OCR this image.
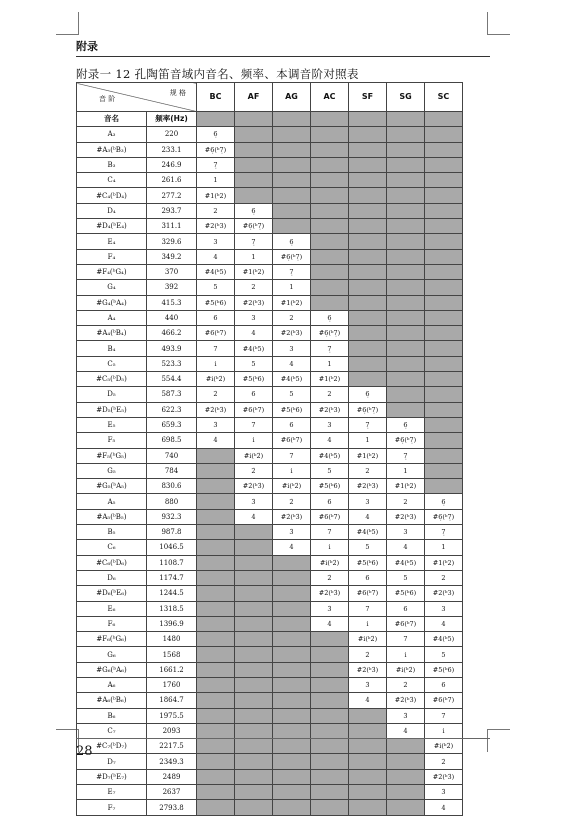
附录
附录一 12 孔陶笛音域内音名、频率、本调音阶对照表
规 格
音 阶		BC	AF	AG	AC	SF	SG	SC
音名	频率(Hz)							
A₃	220	6̣						
#A₃(ᵇB₃)	233.1	#6̣(ᵇ7̣)						
B₃	246.9	7̣						
C₄	261.6	1						
#C₄(ᵇD₄)	277.2	#1(ᵇ2)						
D₄	293.7	2	6̣					
#D₄(ᵇE₄)	311.1	#2(ᵇ3)	#6̣(ᵇ7̣)					
E₄	329.6	3	7̣	6̣				
F₄	349.2	4	1	#6̣(ᵇ7̣)				
#F₄(ᵇG₄)	370	#4(ᵇ5)	#1(ᵇ2)	7̣				
G₄	392	5	2	1				
#G₄(ᵇA₄)	415.3	#5(ᵇ6)	#2(ᵇ3)	#1(ᵇ2)				
A₄	440	6	3	2	6̣			
#A₄(ᵇB₄)	466.2	#6(ᵇ7)	4	#2(ᵇ3)	#6̣(ᵇ7̣)			
B₄	493.9	7	#4(ᵇ5)	3	7̣			
C₅	523.3	i	5	4	1			
#C₅(ᵇD₅)	554.4	#i(ᵇ2̇)	#5(ᵇ6)	#4(ᵇ5)	#1(ᵇ2)			
D₅	587.3	2̇	6	5	2	6̣		
#D₅(ᵇE₅)	622.3	#2̇(ᵇ3̇)	#6(ᵇ7)	#5(ᵇ6)	#2(ᵇ3)	#6̣(ᵇ7̣)		
E₅	659.3	3̇	7	6	3	7̣	6̣	
F₅	698.5	4̇	i	#6(ᵇ7)	4	1	#6̣(ᵇ7̣)	
#F₅(ᵇG₅)	740		#i(ᵇ2̇)	7	#4(ᵇ5)	#1(ᵇ2)	7̣	
G₅	784		2̇	i	5	2	1	
#G₅(ᵇA₅)	830.6		#2̇(ᵇ3̇)	#i(ᵇ2̇)	#5(ᵇ6)	#2(ᵇ3)	#1(ᵇ2)	
A₅	880		3̇	2̇	6	3	2	6̣
#A₅(ᵇB₅)	932.3		4̇	#2̇(ᵇ3̇)	#6(ᵇ7)	4	#2(ᵇ3)	#6̣(ᵇ7̣)
B₅	987.8			3̇	7	#4(ᵇ5)	3	7̣
C₆	1046.5			4̇	i	5	4	1
#C₆(ᵇD₆)	1108.7				#i(ᵇ2̇)	#5(ᵇ6)	#4(ᵇ5)	#1(ᵇ2)
D₆	1174.7				2̇	6	5	2
#D₆(ᵇE₆)	1244.5				#2̇(ᵇ3̇)	#6(ᵇ7)	#5(ᵇ6)	#2(ᵇ3)
E₆	1318.5				3̇	7	6	3
F₆	1396.9				4̇	i	#6(ᵇ7)	4
#F₆(ᵇG₆)	1480					#i(ᵇ2̇)	7	#4(ᵇ5)
G₆	1568					2̇	i	5
#G₆(ᵇA₆)	1661.2					#2̇(ᵇ3̇)	#i(ᵇ2̇)	#5(ᵇ6)
A₆	1760					3̇	2̇	6
#A₆(ᵇB₆)	1864.7					4̇	#2̇(ᵇ3̇)	#6(ᵇ7)
B₆	1975.5						3̇	7
C₇	2093						4̇	i
#C₇(ᵇD₇)	2217.5							#i(ᵇ2̇)
D₇	2349.3							2̇
#D₇(ᵇE₇)	2489							#2̇(ᵇ3̇)
E₇	2637							3̇
F₇	2793.8							4̇
28
